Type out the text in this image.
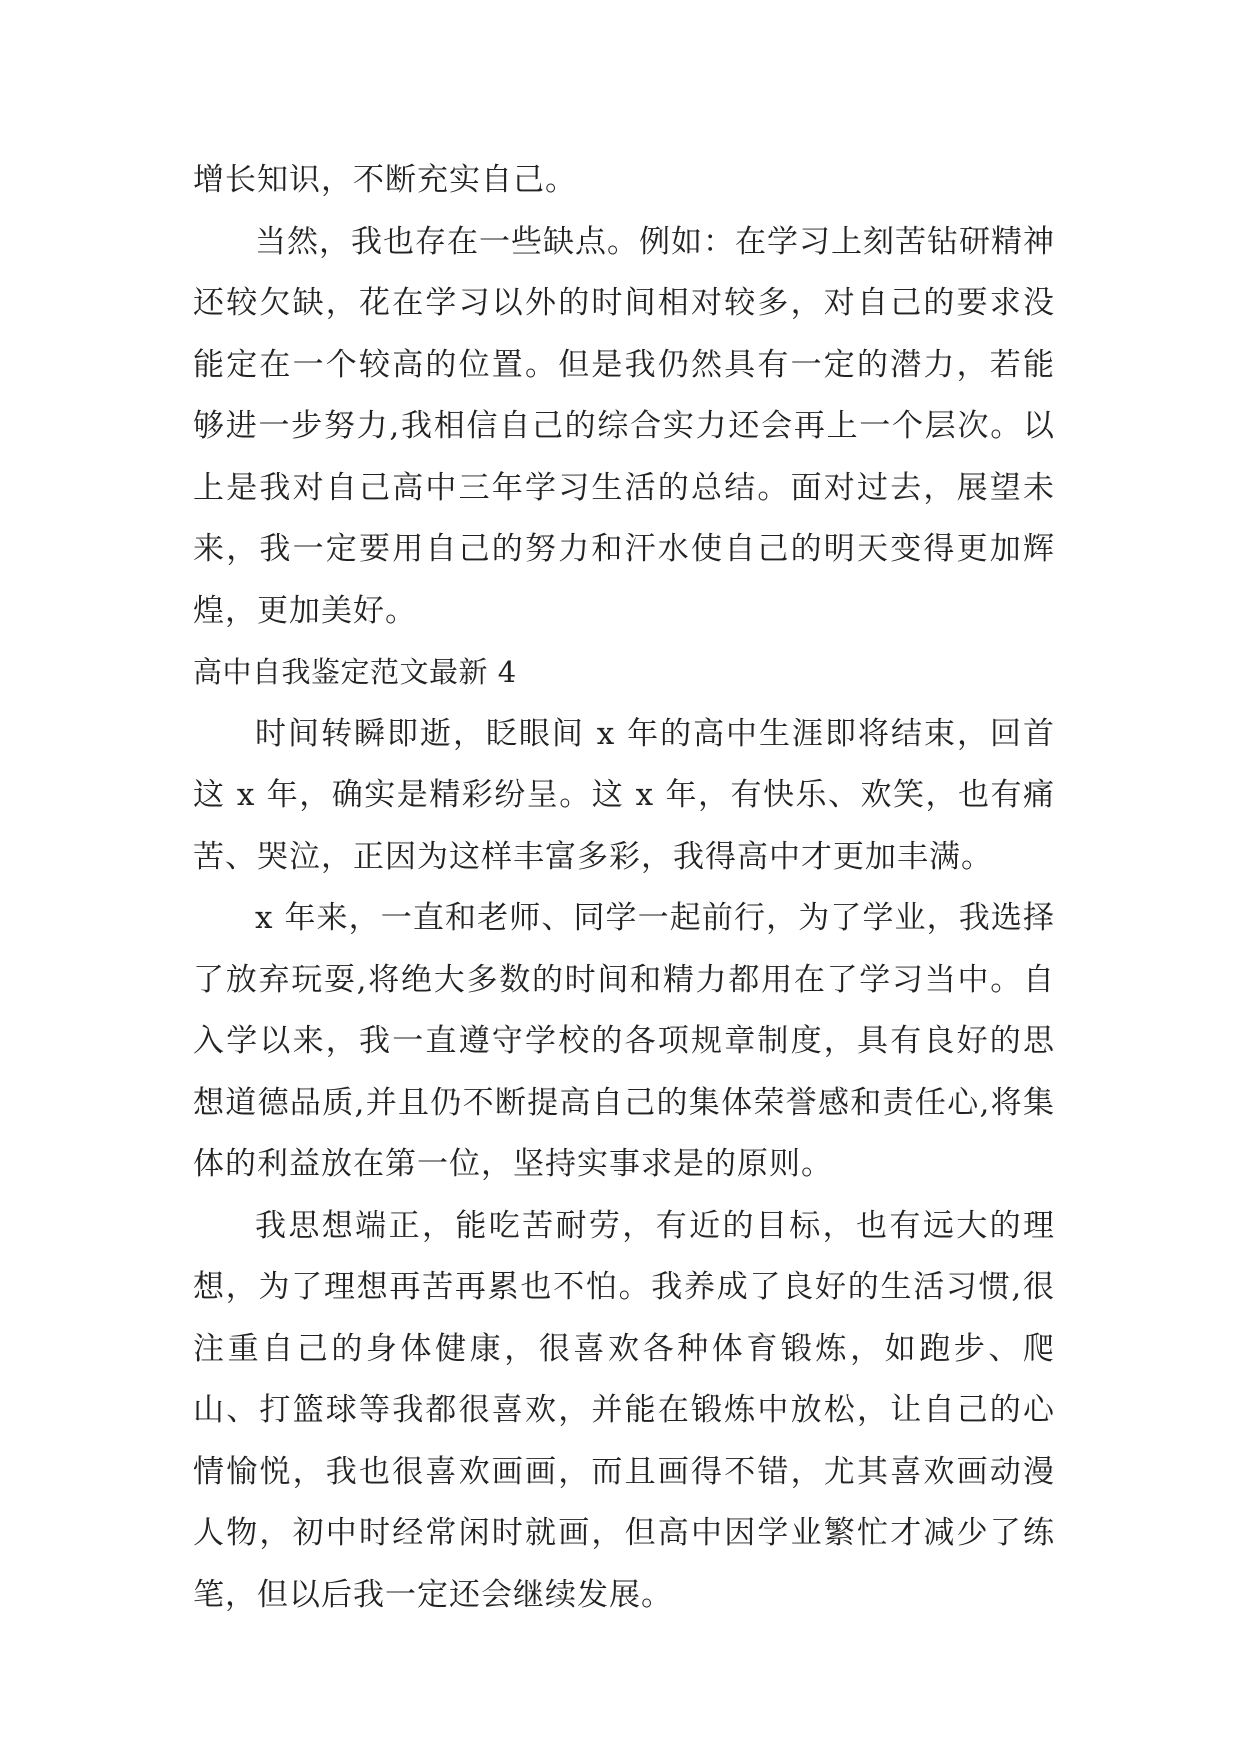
增长知识，不断充实自己。

当然，我也存在一些缺点。例如：在学习上刻苦钻研精神还较欠缺，花在学习以外的时间相对较多，对自己的要求没能定在一个较高的位置。但是我仍然具有一定的潜力，若能够进一步努力,我相信自己的综合实力还会再上一个层次。以上是我对自己高中三年学习生活的总结。面对过去，展望未来，我一定要用自己的努力和汗水使自己的明天变得更加辉煌，更加美好。

高中自我鉴定范文最新 4

时间转瞬即逝，眨眼间 x 年的高中生涯即将结束，回首这 x 年，确实是精彩纷呈。这 x 年，有快乐、欢笑，也有痛苦、哭泣，正因为这样丰富多彩，我得高中才更加丰满。

x 年来，一直和老师、同学一起前行，为了学业，我选择了放弃玩耍,将绝大多数的时间和精力都用在了学习当中。自入学以来，我一直遵守学校的各项规章制度，具有良好的思想道德品质,并且仍不断提高自己的集体荣誉感和责任心,将集体的利益放在第一位，坚持实事求是的原则。

我思想端正，能吃苦耐劳，有近的目标，也有远大的理想，为了理想再苦再累也不怕。我养成了良好的生活习惯,很注重自己的身体健康，很喜欢各种体育锻炼，如跑步、爬山、打篮球等我都很喜欢，并能在锻炼中放松，让自己的心情愉悦，我也很喜欢画画，而且画得不错，尤其喜欢画动漫人物，初中时经常闲时就画，但高中因学业繁忙才减少了练笔，但以后我一定还会继续发展。
